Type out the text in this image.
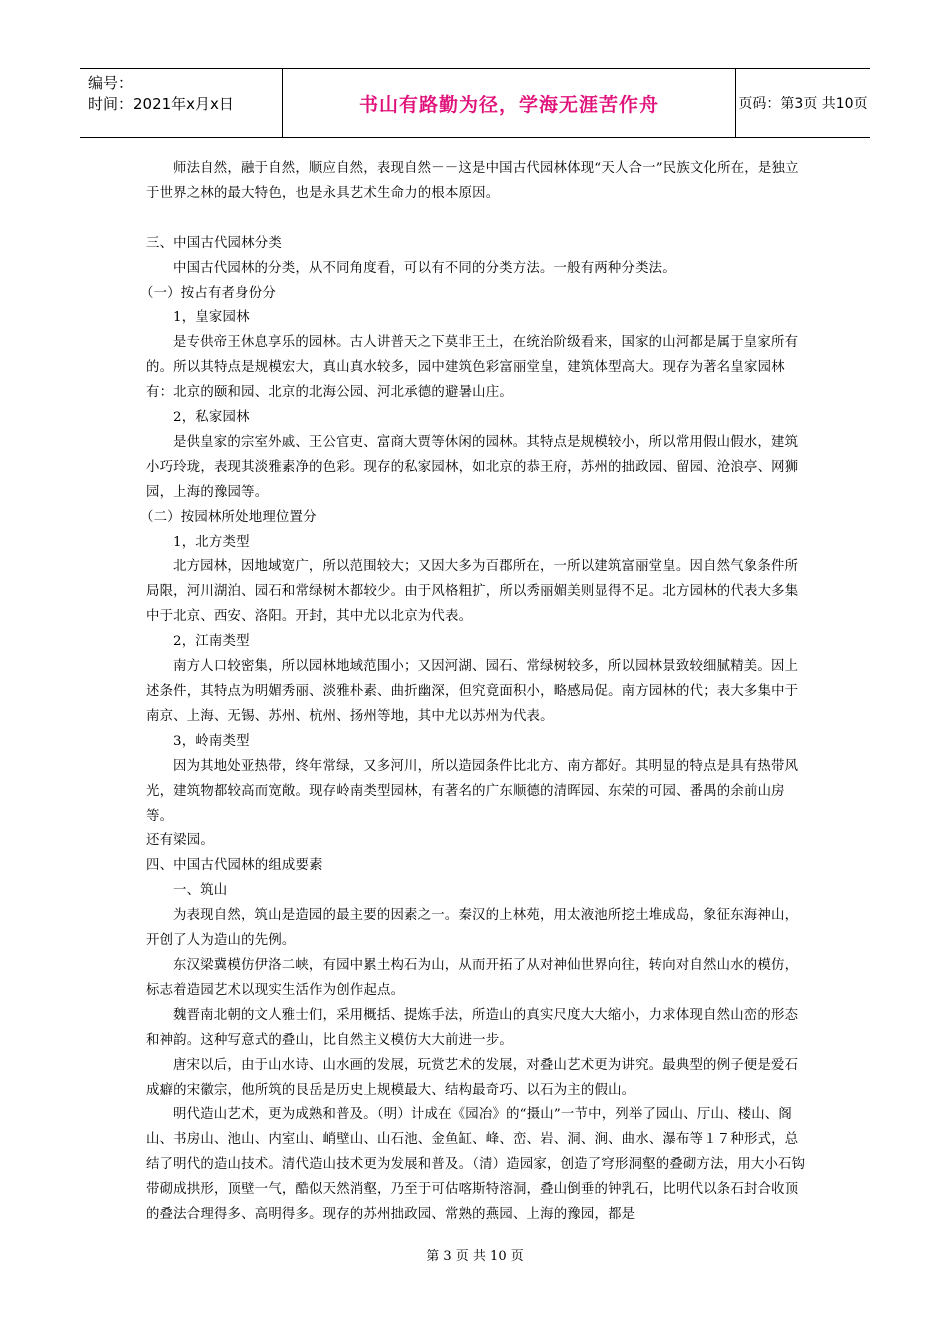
编号：
时间：2021年x月x日	书山有路勤为径，学海无涯苦作舟	页码：第3页 共10页

师法自然，融于自然，顺应自然，表现自然－－这是中国古代园林体现“天人合一”民族文化所在，是独立于世界之林的最大特色，也是永具艺术生命力的根本原因。

三、中国古代园林分类

中国古代园林的分类，从不同角度看，可以有不同的分类方法。一般有两种分类法。

（一）按占有者身份分

1，皇家园林

是专供帝王休息享乐的园林。古人讲普天之下莫非王土，在统治阶级看来，国家的山河都是属于皇家所有的。所以其特点是规模宏大，真山真水较多，园中建筑色彩富丽堂皇，建筑体型高大。现存为著名皇家园林有：北京的颐和园、北京的北海公园、河北承德的避暑山庄。

2，私家园林

是供皇家的宗室外戚、王公官吏、富商大贾等休闲的园林。其特点是规模较小，所以常用假山假水，建筑小巧玲珑，表现其淡雅素净的色彩。现存的私家园林，如北京的恭王府，苏州的拙政园、留园、沧浪亭、网狮园，上海的豫园等。

（二）按园林所处地理位置分

1，北方类型

北方园林，因地域宽广，所以范围较大；又因大多为百郡所在，一所以建筑富丽堂皇。因自然气象条件所局限，河川湖泊、园石和常绿树木都较少。由于风格粗扩，所以秀丽媚美则显得不足。北方园林的代表大多集中于北京、西安、洛阳。开封，其中尤以北京为代表。

2，江南类型

南方人口较密集，所以园林地域范围小；又因河湖、园石、常绿树较多，所以园林景致较细腻精美。因上述条件，其特点为明媚秀丽、淡雅朴素、曲折幽深，但究竟面积小，略感局促。南方园林的代；表大多集中于南京、上海、无锡、苏州、杭州、扬州等地，其中尤以苏州为代表。

3，岭南类型

因为其地处亚热带，终年常绿，又多河川，所以造园条件比北方、南方都好。其明显的特点是具有热带风光，建筑物都较高而宽敞。现存岭南类型园林，有著名的广东顺德的清晖园、东荣的可园、番禺的余前山房等。

还有梁园。

四、中国古代园林的组成要素

一、筑山

为表现自然，筑山是造园的最主要的因素之一。秦汉的上林苑，用太液池所挖土堆成岛，象征东海神山，开创了人为造山的先例。

东汉梁冀模仿伊洛二峡，有园中累土构石为山，从而开拓了从对神仙世界向往，转向对自然山水的模仿，标志着造园艺术以现实生活作为创作起点。

魏晋南北朝的文人雅士们，采用概括、提炼手法，所造山的真实尺度大大缩小，力求体现自然山峦的形态和神韵。这种写意式的叠山，比自然主义模仿大大前进一步。

唐宋以后，由于山水诗、山水画的发展，玩赏艺术的发展，对叠山艺术更为讲究。最典型的例子便是爱石成癖的宋徽宗，他所筑的艮岳是历史上规模最大、结构最奇巧、以石为主的假山。

明代造山艺术，更为成熟和普及。（明）计成在《园冶》的“摄山”一节中，列举了园山、厅山、楼山、阁山、书房山、池山、内室山、峭壁山、山石池、金鱼缸、峰、峦、岩、洞、涧、曲水、瀑布等１７种形式，总结了明代的造山技术。清代造山技术更为发展和普及。（清）造园家，创造了穹形洞壑的叠砌方法，用大小石钩带砌成拱形，顶壁一气，酷似天然消壑，乃至于可估喀斯特溶洞，叠山倒垂的钟乳石，比明代以条石封合收顶的叠法合理得多、高明得多。现存的苏州拙政园、常熟的燕园、上海的豫园，都是

第 3 页 共 10 页
